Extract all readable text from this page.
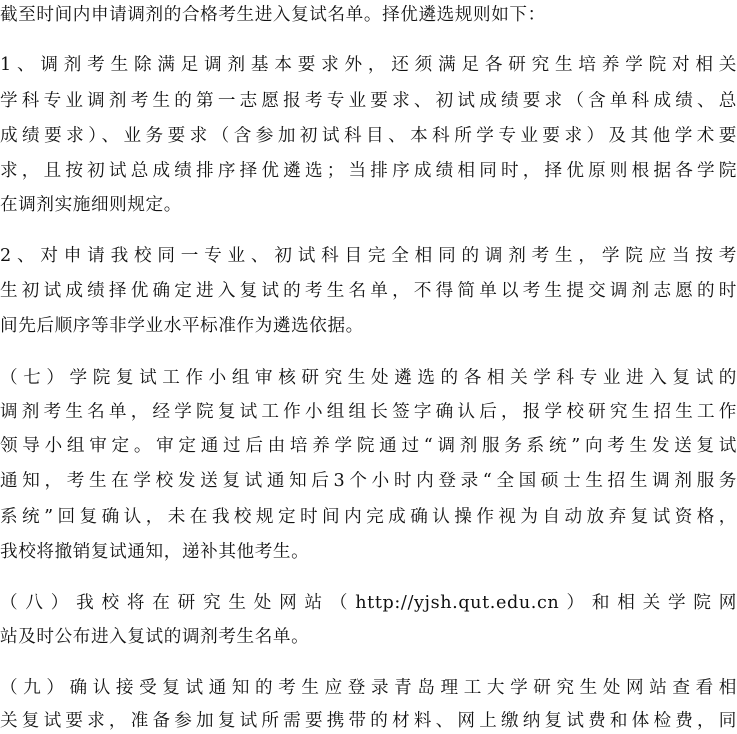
截至时间内申请调剂的合格考生进入复试名单。择优遴选规则如下：
1、调剂考生除满足调剂基本要求外，还须满足各研究生培养学院对相关
学科专业调剂考生的第一志愿报考专业要求、初试成绩要求（含单科成绩、总
成绩要求）、业务要求（含参加初试科目、本科所学专业要求）及其他学术要
求，且按初试总成绩排序择优遴选；当排序成绩相同时，择优原则根据各学院
在调剂实施细则规定。
2、对申请我校同一专业、初试科目完全相同的调剂考生，学院应当按考
生初试成绩择优确定进入复试的考生名单，不得简单以考生提交调剂志愿的时
间先后顺序等非学业水平标准作为遴选依据。
（七）学院复试工作小组审核研究生处遴选的各相关学科专业进入复试的
调剂考生名单，经学院复试工作小组组长签字确认后，报学校研究生招生工作
领导小组审定。审定通过后由培养学院通过“调剂服务系统”向考生发送复试
通知，考生在学校发送复试通知后3个小时内登录“全国硕士生招生调剂服务
系统”回复确认，未在我校规定时间内完成确认操作视为自动放弃复试资格，
我校将撤销复试通知，递补其他考生。
（八）我校将在研究生处网站（http://yjsh.qut.edu.cn）和相关学院网
站及时公布进入复试的调剂考生名单。
（九）确认接受复试通知的考生应登录青岛理工大学研究生处网站查看相
关复试要求，准备参加复试所需要携带的材料、网上缴纳复试费和体检费，同
